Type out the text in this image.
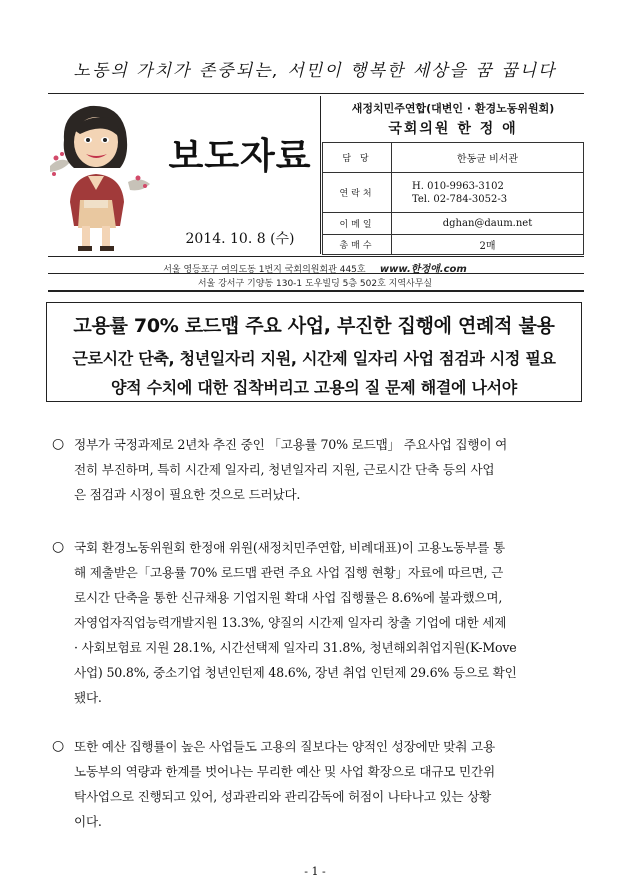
노동의 가치가 존중되는, 서민이 행복한 세상을 꿈 꿉니다
보도자료
2014. 10. 8 (수)
새정치민주연합(대변인 · 환경노동위원회)
국회의원 한 정 애
담 당	한동균 비서관
연락처	H. 010-9963-3102
Tel. 02-784-3052-3

이메일	dghan@daum.net
총매수	2매
서울 영등포구 여의도동 1번지 국회의원회관 445호 www.한정애.com
서울 강서구 기양동 130-1 도우빌딩 5층 502호 지역사무실
고용률 70% 로드맵 주요 사업, 부진한 집행에 연례적 불용
근로시간 단축, 청년일자리 지원, 시간제 일자리 사업 점검과 시정 필요
양적 수치에 대한 집착버리고 고용의 질 문제 해결에 나서야
○ 정부가 국정과제로 2년차 추진 중인 「고용률 70% 로드맵」 주요사업 집행이 여
전히 부진하며, 특히 시간제 일자리, 청년일자리 지원, 근로시간 단축 등의 사업
은 점검과 시정이 필요한 것으로 드러났다.
○ 국회 환경노동위원회 한정애 위원(새정치민주연합, 비례대표)이 고용노동부를 통
해 제출받은「고용률 70% 로드맵 관련 주요 사업 집행 현황」자료에 따르면, 근
로시간 단축을 통한 신규채용 기업지원 확대 사업 집행률은 8.6%에 불과했으며,
자영업자직업능력개발지원 13.3%, 양질의 시간제 일자리 창출 기업에 대한 세제
· 사회보험료 지원 28.1%, 시간선택제 일자리 31.8%, 청년해외취업지원(K-Move
사업) 50.8%, 중소기업 청년인턴제 48.6%, 장년 취업 인턴제 29.6% 등으로 확인
됐다.
○ 또한 예산 집행률이 높은 사업들도 고용의 질보다는 양적인 성장에만 맞춰 고용
노동부의 역량과 한계를 벗어나는 무리한 예산 및 사업 확장으로 대규모 민간위
탁사업으로 진행되고 있어, 성과관리와 관리감독에 허점이 나타나고 있는 상황
이다.
- 1 -
